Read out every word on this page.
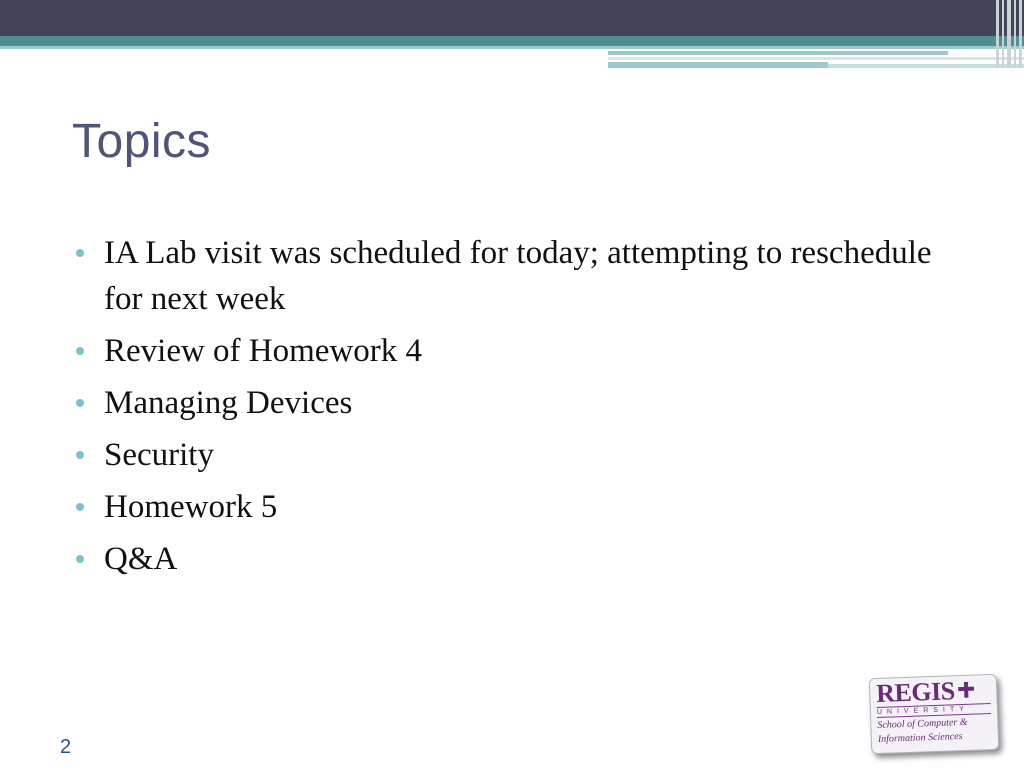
Topics
IA Lab visit was scheduled for today; attempting to reschedule for next week
Review of Homework 4
Managing Devices
Security
Homework 5
Q&A
2
REGIS
UNIVERSITY
School of Computer &
Information Sciences
